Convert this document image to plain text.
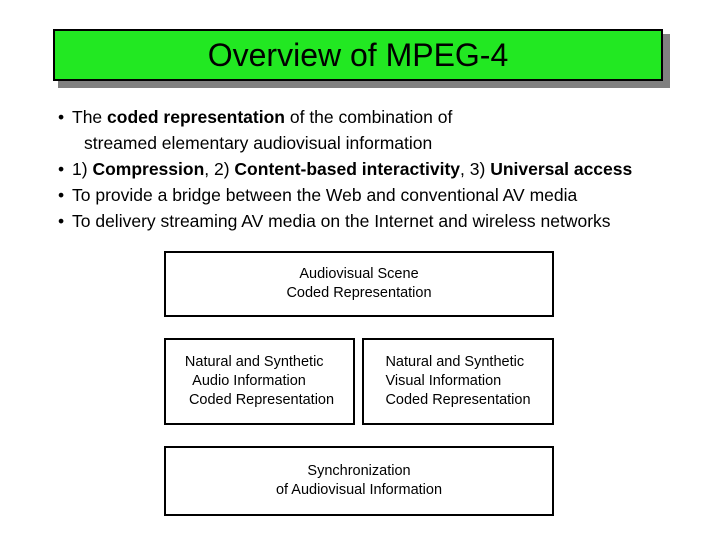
Overview of MPEG-4
• The coded representation of the combination of
streamed elementary audiovisual information
• 1) Compression, 2) Content-based interactivity, 3) Universal access
• To provide a bridge between the Web and conventional AV media
• To delivery streaming AV media on the Internet and wireless networks
Audiovisual Scene
Coded Representation
Natural and Synthetic
Audio Information
Coded Representation
Natural and Synthetic
Visual Information
Coded Representation
Synchronization
of Audiovisual Information
